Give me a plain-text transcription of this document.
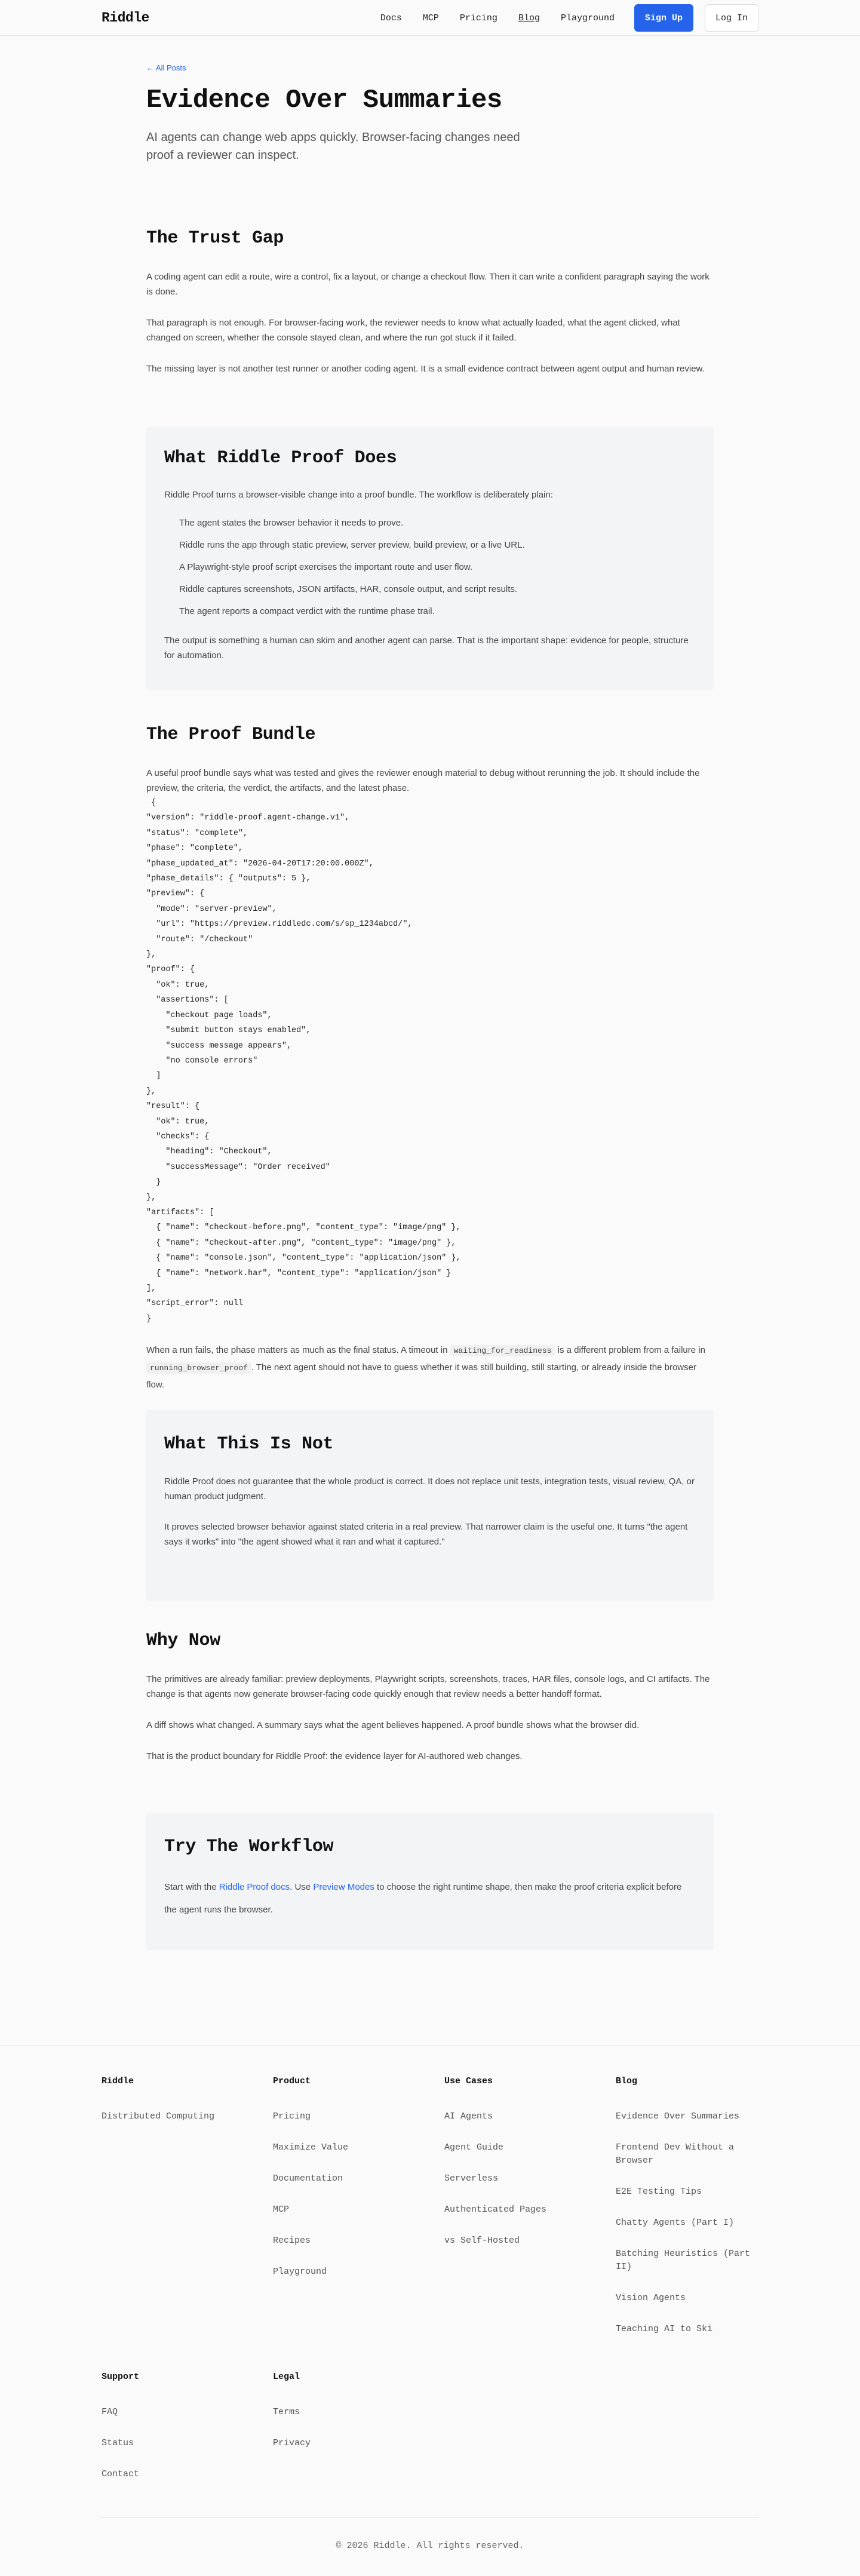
Riddle	Docs MCP Pricing Blog Playground	Sign Up	Log In
← All Posts
Evidence Over Summaries

AI agents can change web apps quickly. Browser-facing changes need proof a reviewer can inspect.

The Trust Gap

A coding agent can edit a route, wire a control, fix a layout, or change a checkout flow. Then it can write a confident paragraph saying the work is done.

That paragraph is not enough. For browser-facing work, the reviewer needs to know what actually loaded, what the agent clicked, what changed on screen, whether the console stayed clean, and where the run got stuck if it failed.

The missing layer is not another test runner or another coding agent. It is a small evidence contract between agent output and human review.

What Riddle Proof Does

Riddle Proof turns a browser-visible change into a proof bundle. The workflow is deliberately plain:

The agent states the browser behavior it needs to prove.
Riddle runs the app through static preview, server preview, build preview, or a live URL.
A Playwright-style proof script exercises the important route and user flow.
Riddle captures screenshots, JSON artifacts, HAR, console output, and script results.
The agent reports a compact verdict with the runtime phase trail.

The output is something a human can skim and another agent can parse. That is the important shape: evidence for people, structure for automation.

The Proof Bundle

A useful proof bundle says what was tested and gives the reviewer enough material to debug without rerunning the job. It should include the preview, the criteria, the verdict, the artifacts, and the latest phase.

{
"version": "riddle-proof.agent-change.v1",
"status": "complete",
"phase": "complete",
"phase_updated_at": "2026-04-20T17:20:00.000Z",
"phase_details": { "outputs": 5 },
"preview": {
"mode": "server-preview",
"url": "https://preview.riddledc.com/s/sp_1234abcd/",
"route": "/checkout"
},
"proof": {
"ok": true,
"assertions": [
"checkout page loads",
"submit button stays enabled",
"success message appears",
"no console errors"
]
},
"result": {
"ok": true,
"checks": {
"heading": "Checkout",
"successMessage": "Order received"
}
},
"artifacts": [
{ "name": "checkout-before.png", "content_type": "image/png" },
{ "name": "checkout-after.png", "content_type": "image/png" },
{ "name": "console.json", "content_type": "application/json" },
{ "name": "network.har", "content_type": "application/json" }
],
"script_error": null
}

When a run fails, the phase matters as much as the final status. A timeout in waiting_for_readiness is a different problem from a failure in running_browser_proof . The next agent should not have to guess whether it was still building, still starting, or already inside the browser flow.

What This Is Not

Riddle Proof does not guarantee that the whole product is correct. It does not replace unit tests, integration tests, visual review, QA, or human product judgment.

It proves selected browser behavior against stated criteria in a real preview. That narrower claim is the useful one. It turns "the agent says it works" into "the agent showed what it ran and what it captured."

Why Now

The primitives are already familiar: preview deployments, Playwright scripts, screenshots, traces, HAR files, console logs, and CI artifacts. The change is that agents now generate browser-facing code quickly enough that review needs a better handoff format.

A diff shows what changed. A summary says what the agent believes happened. A proof bundle shows what the browser did.

That is the product boundary for Riddle Proof: the evidence layer for AI-authored web changes.

Try The Workflow

Start with the Riddle Proof docs. Use Preview Modes to choose the right runtime shape, then make the proof criteria explicit before the agent runs the browser.

Riddle
Distributed Computing
Product
Pricing
Maximize Value
Documentation
MCP
Recipes
Playground
Use Cases
AI Agents
Agent Guide
Serverless
Authenticated Pages
vs Self-Hosted
Blog
Evidence Over Summaries
Frontend Dev Without a Browser
E2E Testing Tips
Chatty Agents (Part I)
Batching Heuristics (Part II)
Vision Agents
Teaching AI to Ski
Support
FAQ
Status
Contact
Legal
Terms
Privacy
© 2026 Riddle. All rights reserved.
